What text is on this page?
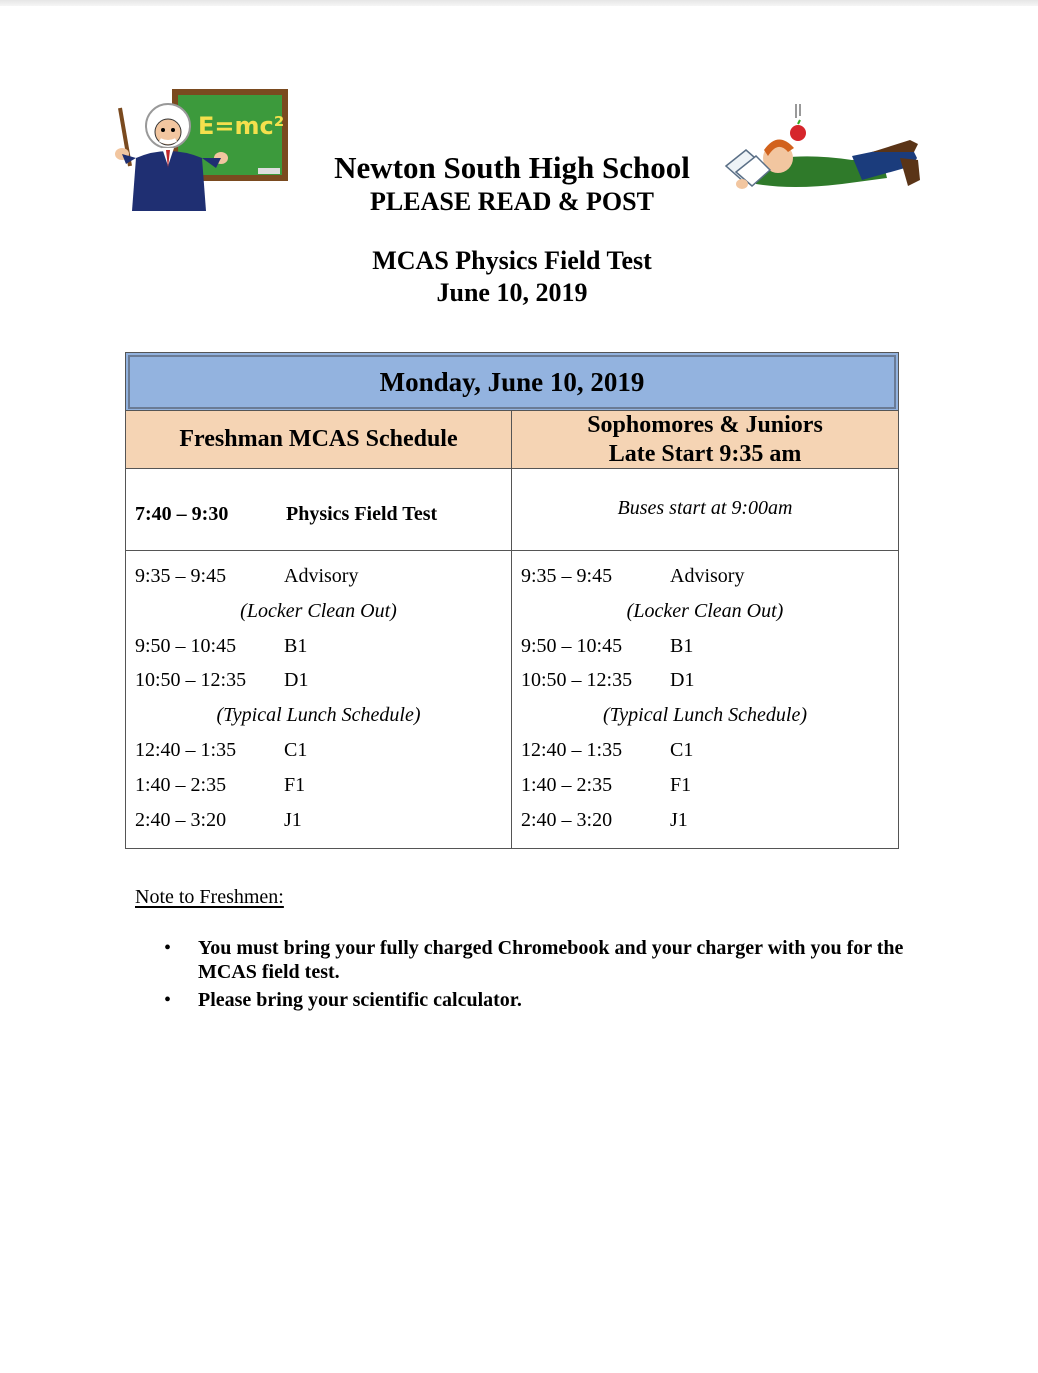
E=mc²
Newton South High School
PLEASE READ & POST
MCAS Physics Field Test
June 10, 2019
Monday, June 10, 2019
Freshman MCAS Schedule
7:40 – 9:30	Physics Field Test
9:35 – 9:45	Advisory
(Locker Clean Out)
9:50 – 10:45 B1
10:50 – 12:35 D1
(Typical Lunch Schedule)
12:40 – 1:35 C1
1:40 – 2:35	F1
2:40 – 3:20	J1
Sophomores & Juniors
Late Start 9:35 am
Buses start at 9:00am
9:35 – 9:45	Advisory
(Locker Clean Out)
9:50 – 10:45 B1
10:50 – 12:35 D1
(Typical Lunch Schedule)
12:40 – 1:35 C1
1:40 – 2:35	F1
2:40 – 3:20	J1
Note to Freshmen:
• You must bring your fully charged Chromebook and your charger with you for the MCAS field test.
• Please bring your scientific calculator.
